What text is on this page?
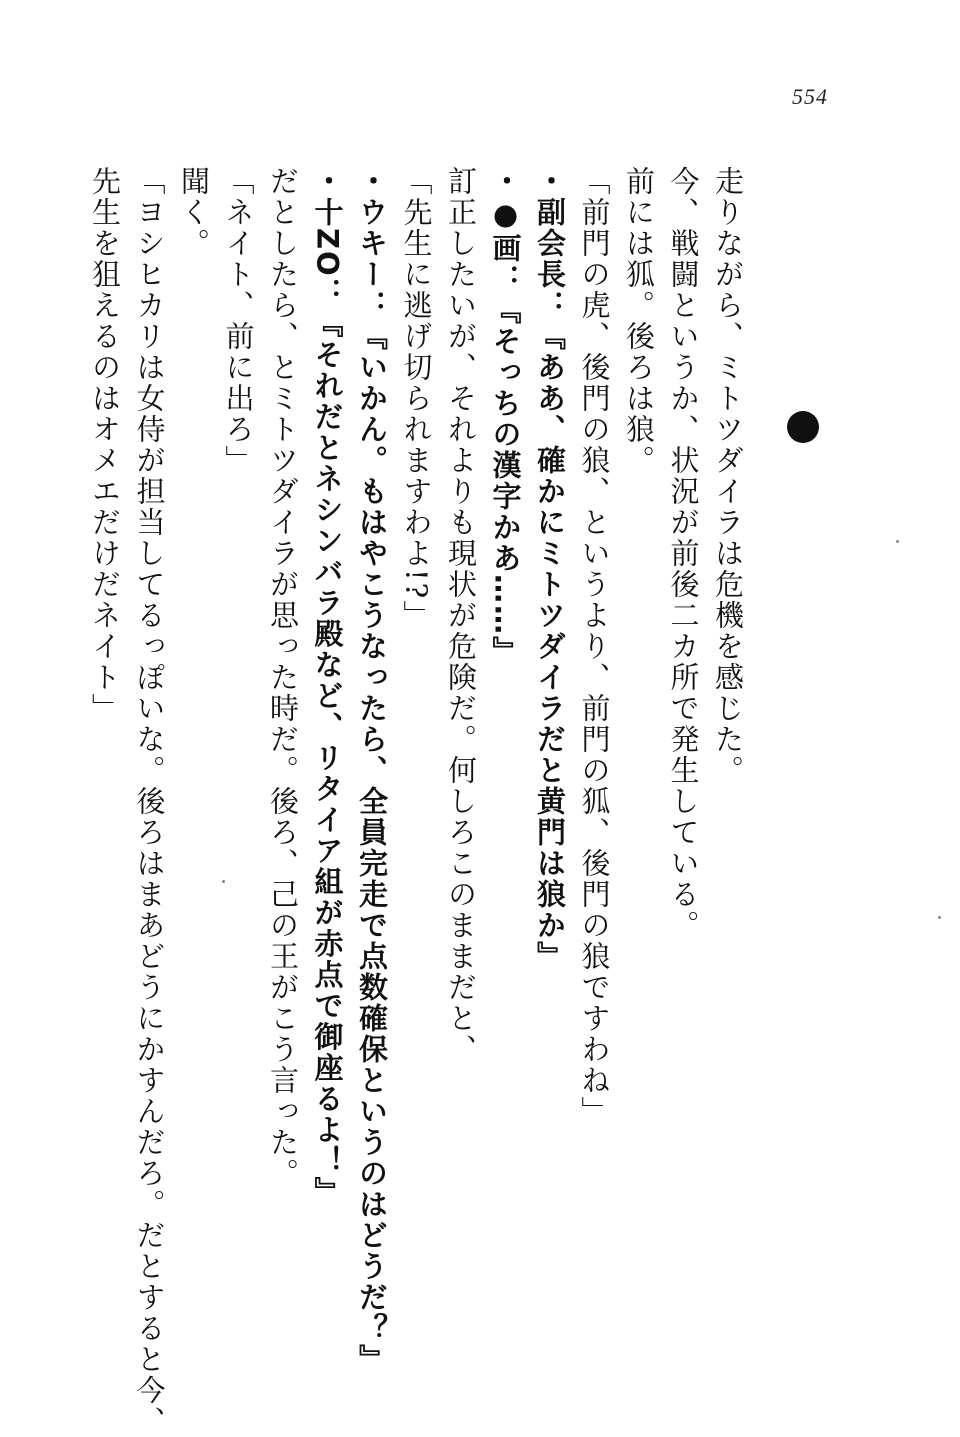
554
走りながら、ミトツダイラは危機を感じた。
今、戦闘というか、状況が前後二カ所で発生している。
前には狐。後ろは狼。
「前門の虎、後門の狼、というより、前門の狐、後門の狼ですわね」
・副会長：『ああ、確かにミトツダイラだと黄門は狼か』
・●画：『そっちの漢字かあ……』
訂正したいが、それよりも現状が危険だ。何しろこのままだと、
「先生に逃げ切られますわよ!?」
・ウキー：『いかん。もはやこうなったら、全員完走で点数確保というのはどうだ？』
・十ZO：『それだとネシンバラ殿など、リタイア組が赤点で御座るよ！』
だとしたら、とミトツダイラが思った時だ。後ろ、己の王がこう言った。
「ネイト、前に出ろ」
聞く。
「ヨシヒカリは女侍が担当してるっぽいな。後ろはまあどうにかすんだろ。だとすると今、
先生を狙えるのはオメエだけだネイト」
